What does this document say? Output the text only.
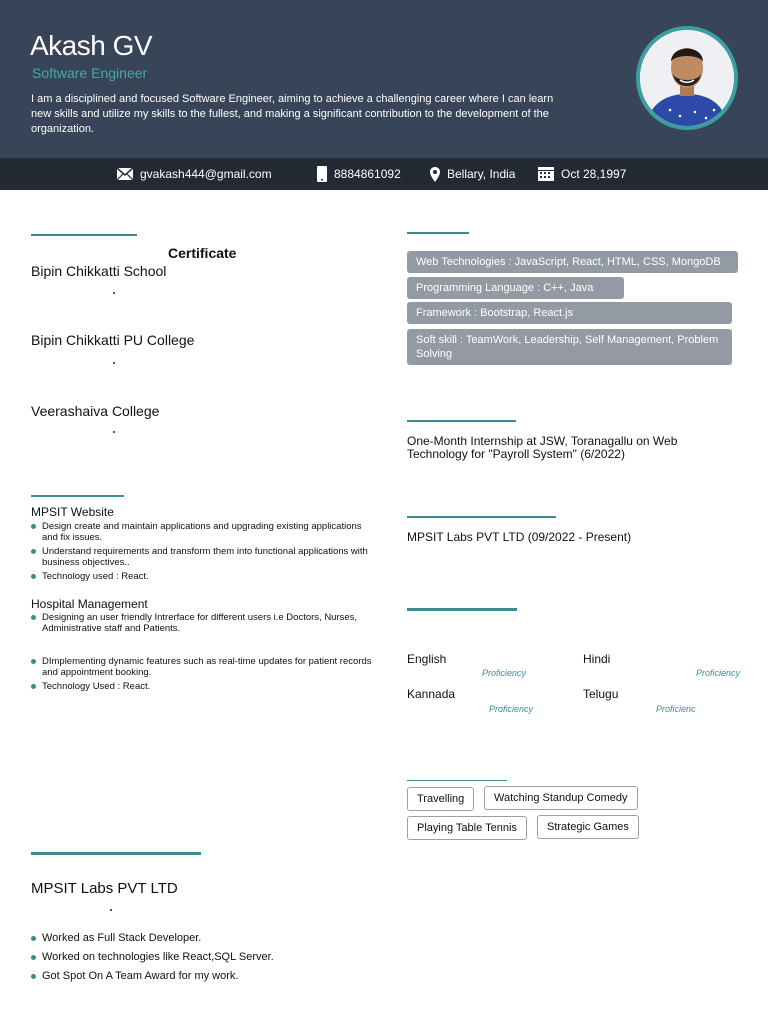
Akash GV
Software Engineer
I am a disciplined and focused Software Engineer, aiming to achieve a challenging career where I can learn new skills and utilize my skills to the fullest, and making a significant contribution to the development of the organization.
gvakash444@gmail.com	8884861092	Bellary, India	Oct 28,1997
Certificate
Bipin Chikkatti School
Bipin Chikkatti PU College
Veerashaiva College
MPSIT Website
Design create and maintain applications and upgrading existing applications and fix issues.
Understand requirements and transform them into functional applications with business objectives..
Technology used : React.
Hospital Management
Designing an user friendly Intrerface for different users i.e Doctors, Nurses, Administrative staff and Patients.
DImplementing dynamic features such as real-time updates for patient records and appointment booking.
Technology Used : React.
MPSIT Labs PVT LTD
Worked as Full Stack Developer.
Worked on technologies like React,SQL Server.
Got Spot On A Team Award for my work.
Web Technologies : JavaScript, React, HTML, CSS, MongoDB
Programming Language : C++, Java
Framework : Bootstrap, React.js
Soft skill : TeamWork, Leadership, Self Management, Problem Solving
One-Month Internship at JSW, Toranagallu on Web Technology for "Payroll System" (6/2022)
MPSIT Labs PVT LTD (09/2022 - Present)
English
Proficiency
Hindi
Proficiency
Kannada
Proficiency
Telugu
Proficienc
Travelling	Watching Standup Comedy
Playing Table Tennis	Strategic Games
